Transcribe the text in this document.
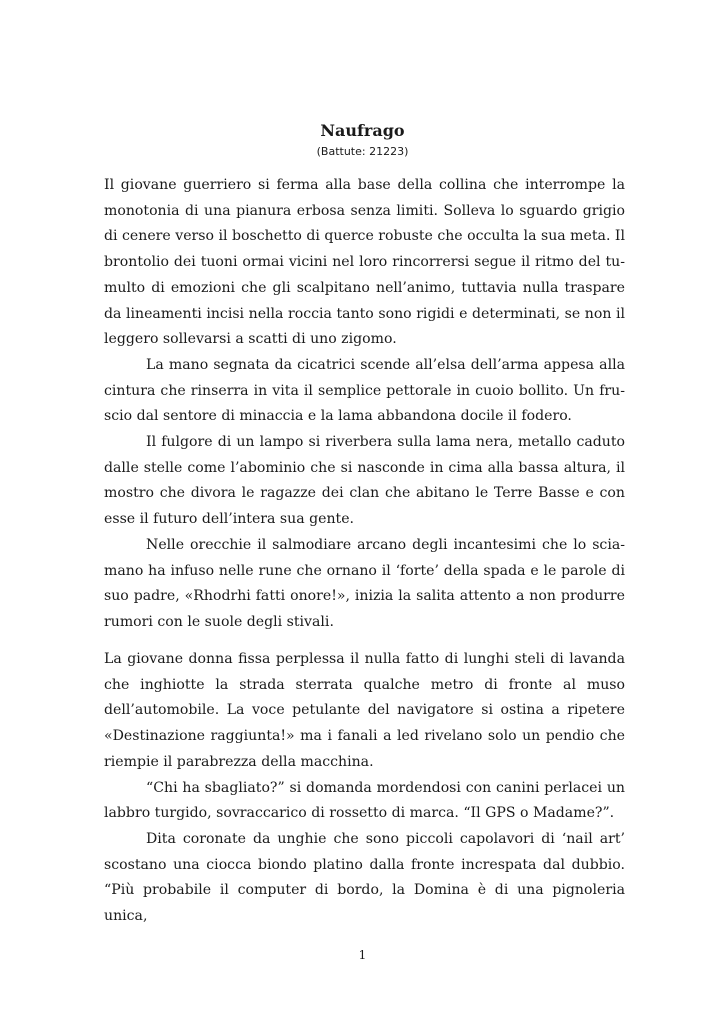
Naufrago
(Battute: 21223)

Il giovane guerriero si ferma alla base della collina che interrompe la monotonia di una pianura erbosa senza limiti. Solleva lo sguardo grigio di cenere verso il boschetto di querce robuste che occulta la sua meta. Il brontolio dei tuoni ormai vicini nel loro rincorrersi segue il ritmo del tumulto di emozioni che gli scalpitano nell’animo, tuttavia nulla traspare da lineamenti incisi nella roccia tanto sono rigidi e determinati, se non il leggero sollevarsi a scatti di uno zigomo.

La mano segnata da cicatrici scende all’elsa dell’arma appesa alla cintura che rinserra in vita il semplice pettorale in cuoio bollito. Un fruscio dal sentore di minaccia e la lama abbandona docile il fodero.

Il fulgore di un lampo si riverbera sulla lama nera, metallo caduto dalle stelle come l’abominio che si nasconde in cima alla bassa altura, il mostro che divora le ragazze dei clan che abitano le Terre Basse e con esse il futuro dell’intera sua gente.

Nelle orecchie il salmodiare arcano degli incantesimi che lo sciamano ha infuso nelle rune che ornano il ‘forte’ della spada e le parole di suo padre, «Rhodrhi fatti onore!», inizia la salita attento a non produrre rumori con le suole degli stivali.

La giovane donna fissa perplessa il nulla fatto di lunghi steli di lavanda che inghiotte la strada sterrata qualche metro di fronte al muso dell’automobile. La voce petulante del navigatore si ostina a ripetere «Destinazione raggiunta!» ma i fanali a led rivelano solo un pendio che riempie il parabrezza della macchina.

“Chi ha sbagliato?” si domanda mordendosi con canini perlacei un labbro turgido, sovraccarico di rossetto di marca. “Il GPS o Madame?”.

Dita coronate da unghie che sono piccoli capolavori di ‘nail art’ scostano una ciocca biondo platino dalla fronte increspata dal dubbio. “Più probabile il computer di bordo, la Domina è di una pignoleria unica,

1
